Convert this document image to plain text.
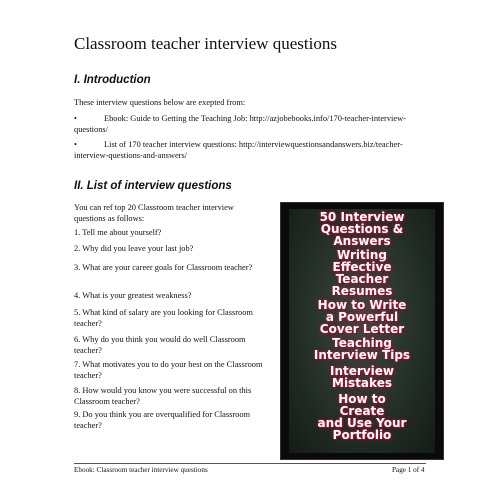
Classroom teacher interview questions
I. Introduction
These interview questions below are exepted from:
•	Ebook: Guide to Getting the Teaching Job: http://azjobebooks.info/170-teacher-interview-questions/
•	List of 170 teacher interview questions: http://interviewquestionsandanswers.biz/teacher-interview-questions-and-answers/
II. List of interview questions
You can ref top 20 Classroom teacher interview questions as follows:
1. Tell me about yourself?
2. Why did you leave your last job?
3. What are your career goals for Classroom teacher?
4. What is your greatest weakness?
5. What kind of salary are you looking for Classroom teacher?
6. Why do you think you would do well Classroom teacher?
7. What motivates you to do your best on the Classroom teacher?
8. How would you know you were successful on this Classroom teacher?
9. Do you think you are overqualified for Classroom teacher?
50 Interview
Questions &
Answers
Writing
Effective
Teacher
Resumes
How to Write
a Powerful
Cover Letter
Teaching
Interview Tips
Interview
Mistakes
How to
Create
and Use Your
Portfolio
Ebook: Classroom teacher interview questions	Page 1 of 4
